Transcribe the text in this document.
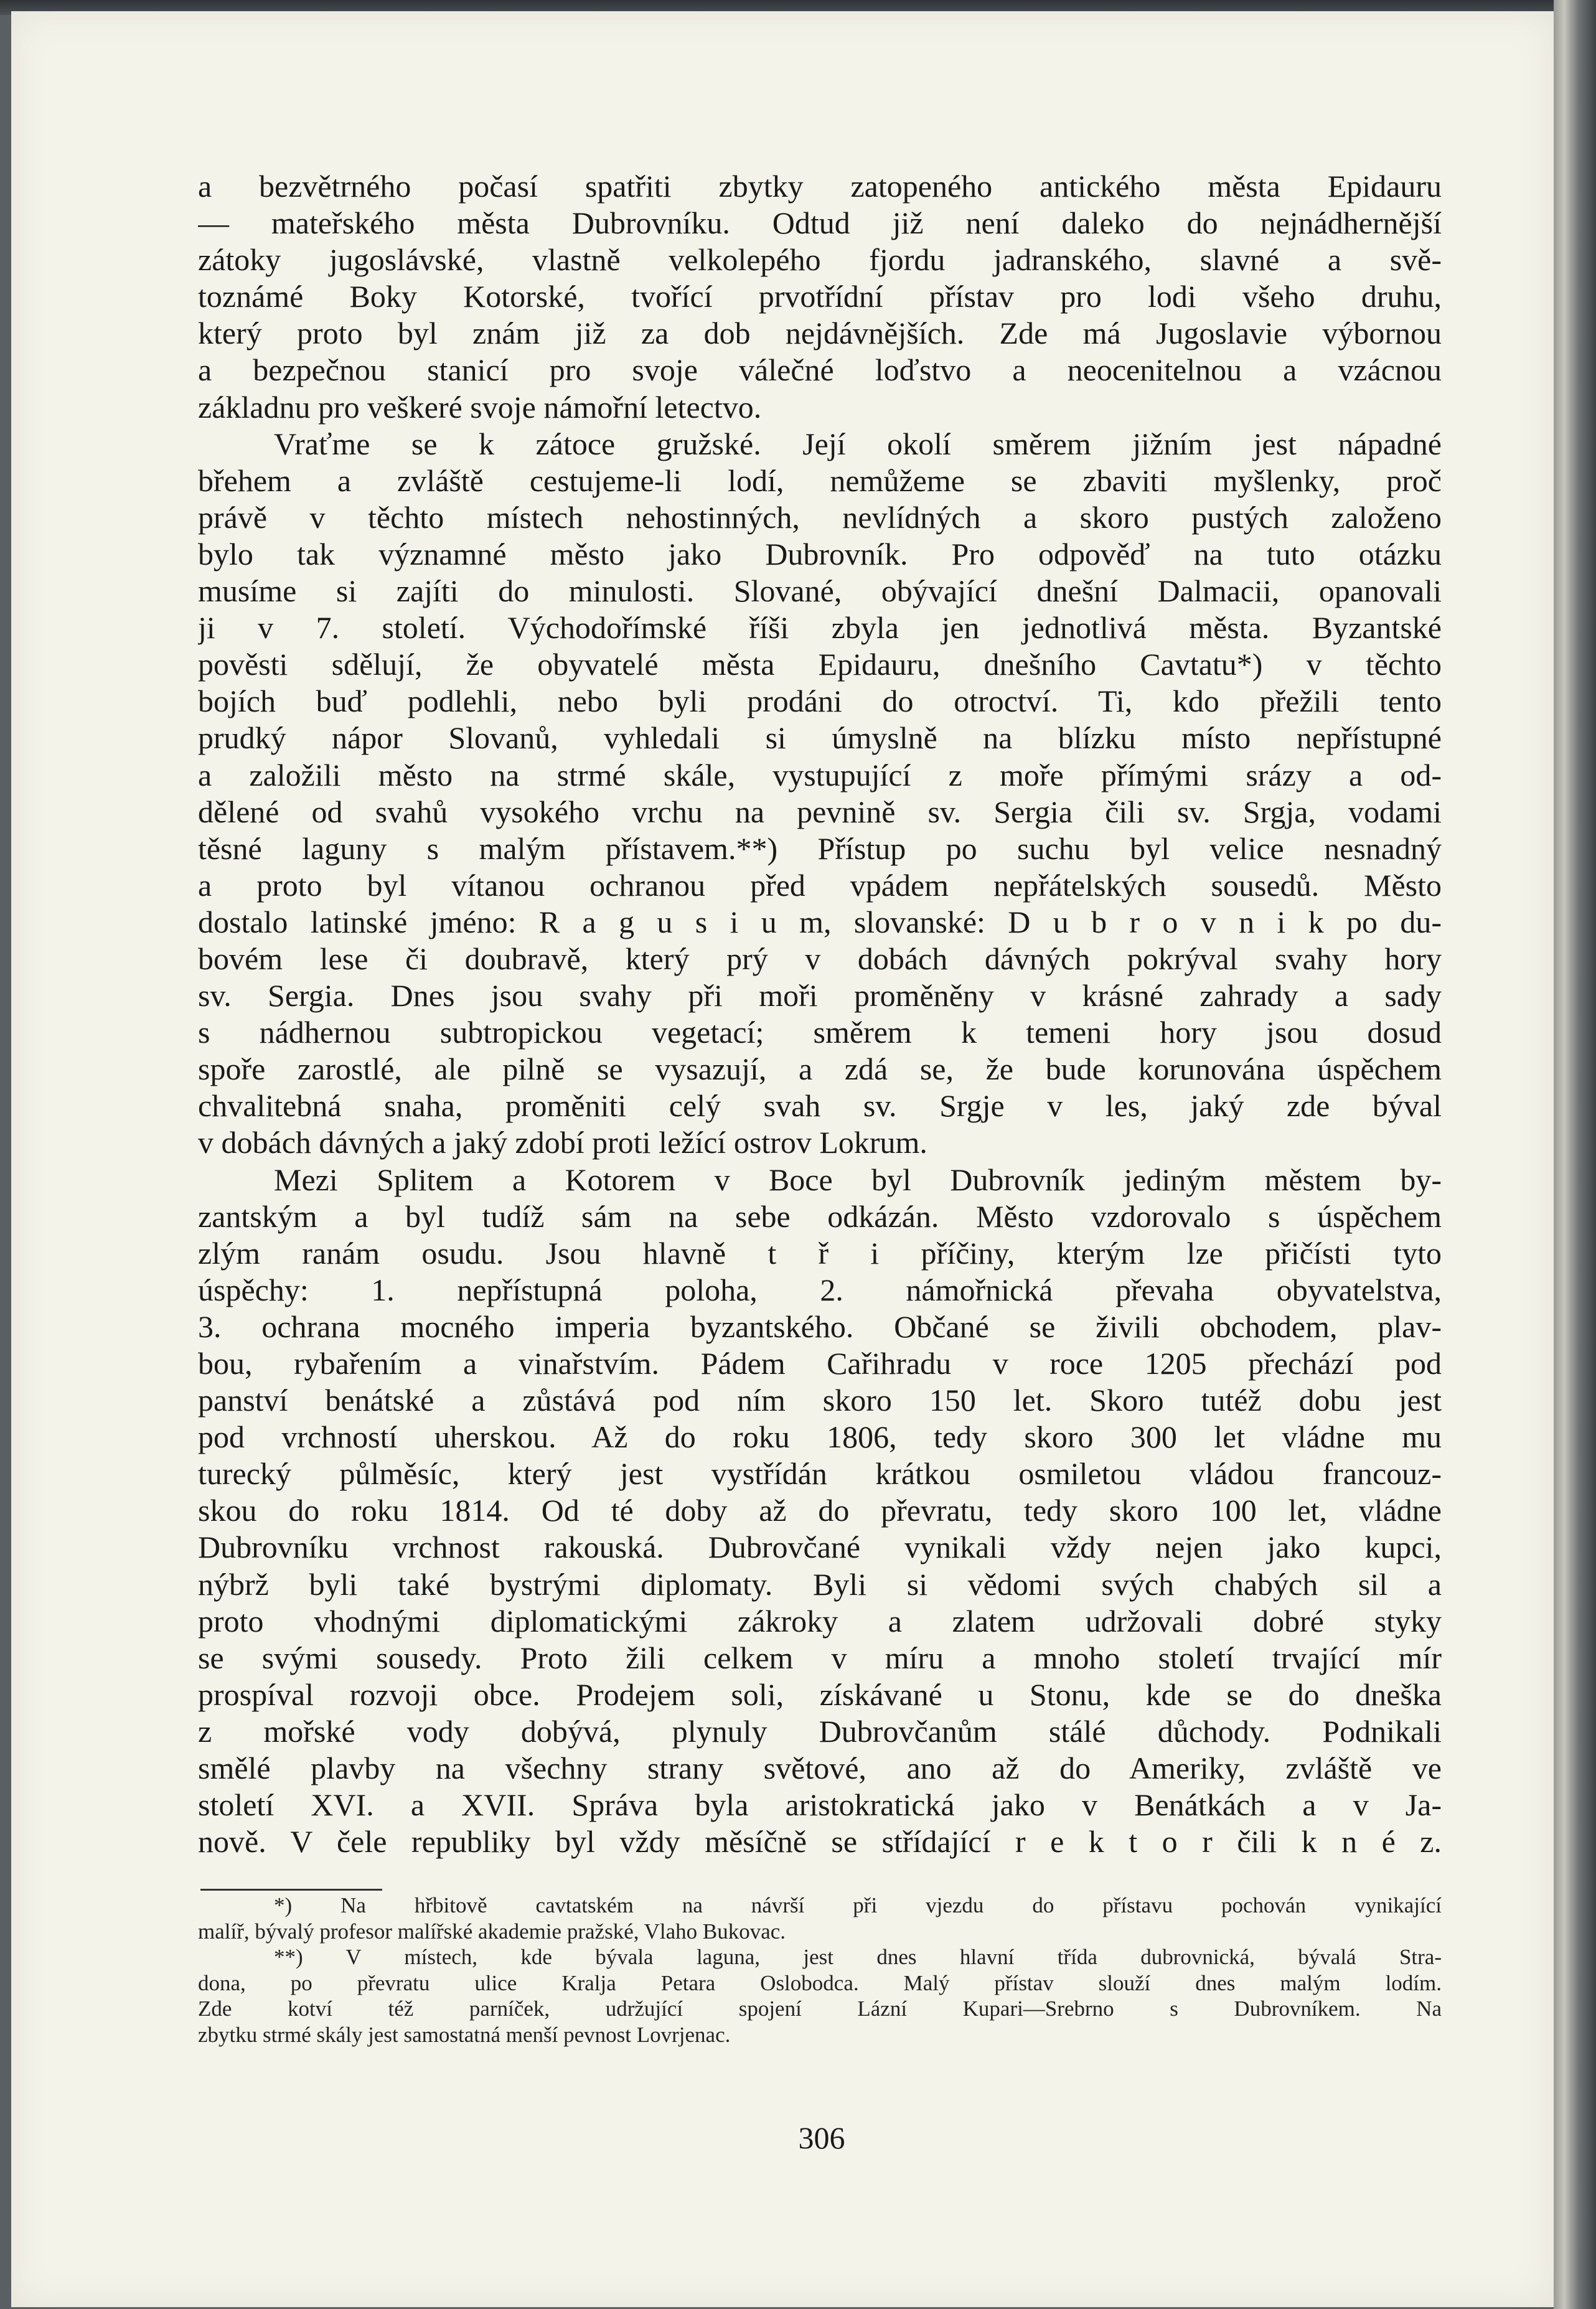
a bezvětrného počasí spatřiti zbytky zatopeného antického města Epidauru
— mateřského města Dubrovníku. Odtud již není daleko do nejnádhernější
zátoky jugoslávské, vlastně velkolepého fjordu jadranského, slavné a svě-
toznámé Boky Kotorské, tvořící prvotřídní přístav pro lodi všeho druhu,
který proto byl znám již za dob nejdávnějších. Zde má Jugoslavie výbornou
a bezpečnou stanicí pro svoje válečné loďstvo a neocenitelnou a vzácnou
základnu pro veškeré svoje námořní letectvo.
Vraťme se k zátoce gružské. Její okolí směrem jižním jest nápadné
břehem a zvláště cestujeme-li lodí, nemůžeme se zbaviti myšlenky, proč
právě v těchto místech nehostinných, nevlídných a skoro pustých založeno
bylo tak významné město jako Dubrovník. Pro odpověď na tuto otázku
musíme si zajíti do minulosti. Slované, obývající dnešní Dalmacii, opanovali
ji v 7. století. Východořímské říši zbyla jen jednotlivá města. Byzantské
pověsti sdělují, že obyvatelé města Epidauru, dnešního Cavtatu*) v těchto
bojích buď podlehli, nebo byli prodáni do otroctví. Ti, kdo přežili tento
prudký nápor Slovanů, vyhledali si úmyslně na blízku místo nepřístupné
a založili město na strmé skále, vystupující z moře přímými srázy a od-
dělené od svahů vysokého vrchu na pevnině sv. Sergia čili sv. Srgja, vodami
těsné laguny s malým přístavem.**) Přístup po suchu byl velice nesnadný
a proto byl vítanou ochranou před vpádem nepřátelských sousedů. Město
dostalo latinské jméno: R a g u s i u m, slovanské: D u b r o v n i k po du-
bovém lese či doubravě, který prý v dobách dávných pokrýval svahy hory
sv. Sergia. Dnes jsou svahy při moři proměněny v krásné zahrady a sady
s nádhernou subtropickou vegetací; směrem k temeni hory jsou dosud
spoře zarostlé, ale pilně se vysazují, a zdá se, že bude korunována úspěchem
chvalitebná snaha, proměniti celý svah sv. Srgje v les, jaký zde býval
v dobách dávných a jaký zdobí proti ležící ostrov Lokrum.
Mezi Splitem a Kotorem v Boce byl Dubrovník jediným městem by-
zantským a byl tudíž sám na sebe odkázán. Město vzdorovalo s úspěchem
zlým ranám osudu. Jsou hlavně t ř i příčiny, kterým lze přičísti tyto
úspěchy: 1. nepřístupná poloha, 2. námořnická převaha obyvatelstva,
3. ochrana mocného imperia byzantského. Občané se živili obchodem, plav-
bou, rybařením a vinařstvím. Pádem Cařihradu v roce 1205 přechází pod
panství benátské a zůstává pod ním skoro 150 let. Skoro tutéž dobu jest
pod vrchností uherskou. Až do roku 1806, tedy skoro 300 let vládne mu
turecký půlměsíc, který jest vystřídán krátkou osmiletou vládou francouz-
skou do roku 1814. Od té doby až do převratu, tedy skoro 100 let, vládne
Dubrovníku vrchnost rakouská. Dubrovčané vynikali vždy nejen jako kupci,
nýbrž byli také bystrými diplomaty. Byli si vědomi svých chabých sil a
proto vhodnými diplomatickými zákroky a zlatem udržovali dobré styky
se svými sousedy. Proto žili celkem v míru a mnoho století trvající mír
prospíval rozvoji obce. Prodejem soli, získávané u Stonu, kde se do dneška
z mořské vody dobývá, plynuly Dubrovčanům stálé důchody. Podnikali
smělé plavby na všechny strany světové, ano až do Ameriky, zvláště ve
století XVI. a XVII. Správa byla aristokratická jako v Benátkách a v Ja-
nově. V čele republiky byl vždy měsíčně se střídající r e k t o r čili k n é z.
*) Na hřbitově cavtatském na návrší při vjezdu do přístavu pochován vynikající
malíř, bývalý profesor malířské akademie pražské, Vlaho Bukovac.
**) V místech, kde bývala laguna, jest dnes hlavní třída dubrovnická, bývalá Stra-
dona, po převratu ulice Kralja Petara Oslobodca. Malý přístav slouží dnes malým lodím.
Zde kotví též parníček, udržující spojení Lázní Kupari—Srebrno s Dubrovníkem. Na
zbytku strmé skály jest samostatná menší pevnost Lovrjenac.
306
